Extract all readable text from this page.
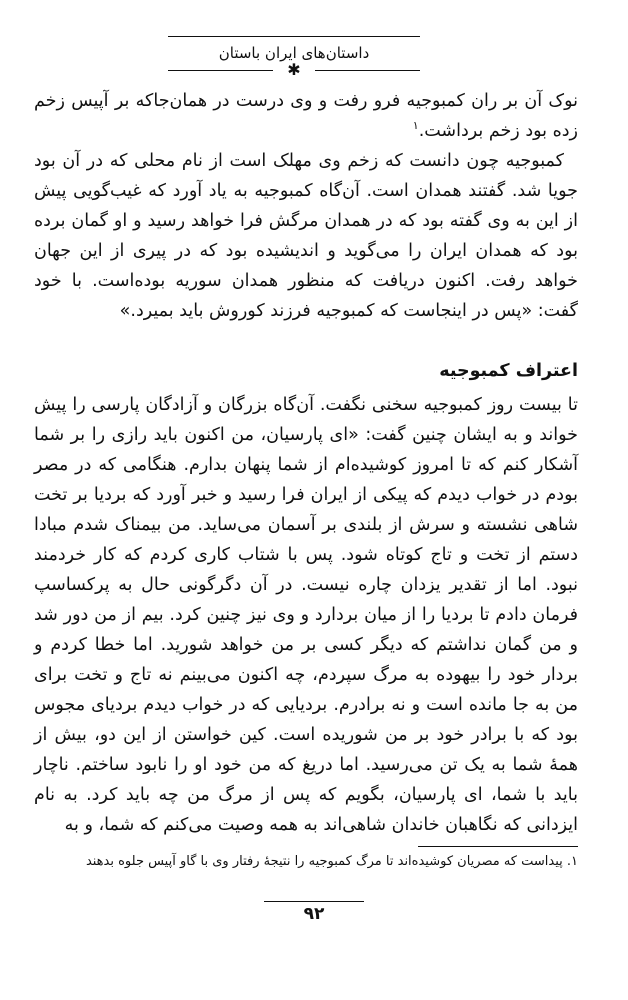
داستان‌های ایران باستان
✱

نوک آن بر ران کمبوجیه فرو رفت و وی درست در همان‌جاکه بر آپیس زخم زده بود زخم برداشت.$^۱$

کمبوجیه چون دانست که زخم وی مهلک است از نام محلی که در آن بود جویا شد. گفتند همدان است. آن‌گاه کمبوجیه به یاد آورد که غیب‌گویی پیش از این به وی گفته بود که در همدان مرگش فرا خواهد رسید و او گمان برده بود که همدان ایران را می‌گوید و اندیشیده بود که در پیری از این جهان خواهد رفت. اکنون دریافت که منظور همدان سوریه بوده‌است. با خود گفت: «پس در اینجاست که کمبوجیه فرزند کوروش باید بمیرد.»

اعتراف کمبوجیه

تا بیست روز کمبوجیه سخنی نگفت. آن‌گاه بزرگان و آزادگان پارسی را پیش خواند و به ایشان چنین گفت: «ای پارسیان، من اکنون باید رازی را بر شما آشکار کنم که تا امروز کوشیده‌ام از شما پنهان بدارم. هنگامی که در مصر بودم در خواب دیدم که پیکی از ایران فرا رسید و خبر آورد که بردیا بر تخت شاهی نشسته و سرش از بلندی بر آسمان می‌ساید. من بیمناک شدم مبادا دستم از تخت و تاج کوتاه شود. پس با شتاب کاری کردم که کار خردمند نبود. اما از تقدیر یزدان چاره نیست. در آن دگرگونی حال به پرکساسپ فرمان دادم تا بردیا را از میان بردارد و وی نیز چنین کرد. بیم از من دور شد و من گمان نداشتم که دیگر کسی بر من خواهد شورید. اما خطا کردم و بردار خود را بیهوده به مرگ سپردم، چه اکنون می‌بینم نه تاج و تخت برای من به جا مانده است و نه برادرم. بردیایی که در خواب دیدم بردیای مجوس بود که با برادر خود بر من شوریده است. کین خواستن از این دو، بیش از همهٔ شما به یک تن می‌رسید. اما دریغ که من خود او را نابود ساختم. ناچار باید با شما، ای پارسیان، بگویم که پس از مرگ من چه باید کرد. به نام ایزدانی که نگاهبان خاندان شاهی‌اند به همه وصیت می‌کنم که شما، و به

۱. پیداست که مصریان کوشیده‌اند تا مرگ کمبوجیه را نتیجهٔ رفتار وی با گاو آپیس جلوه بدهند
۹۲
